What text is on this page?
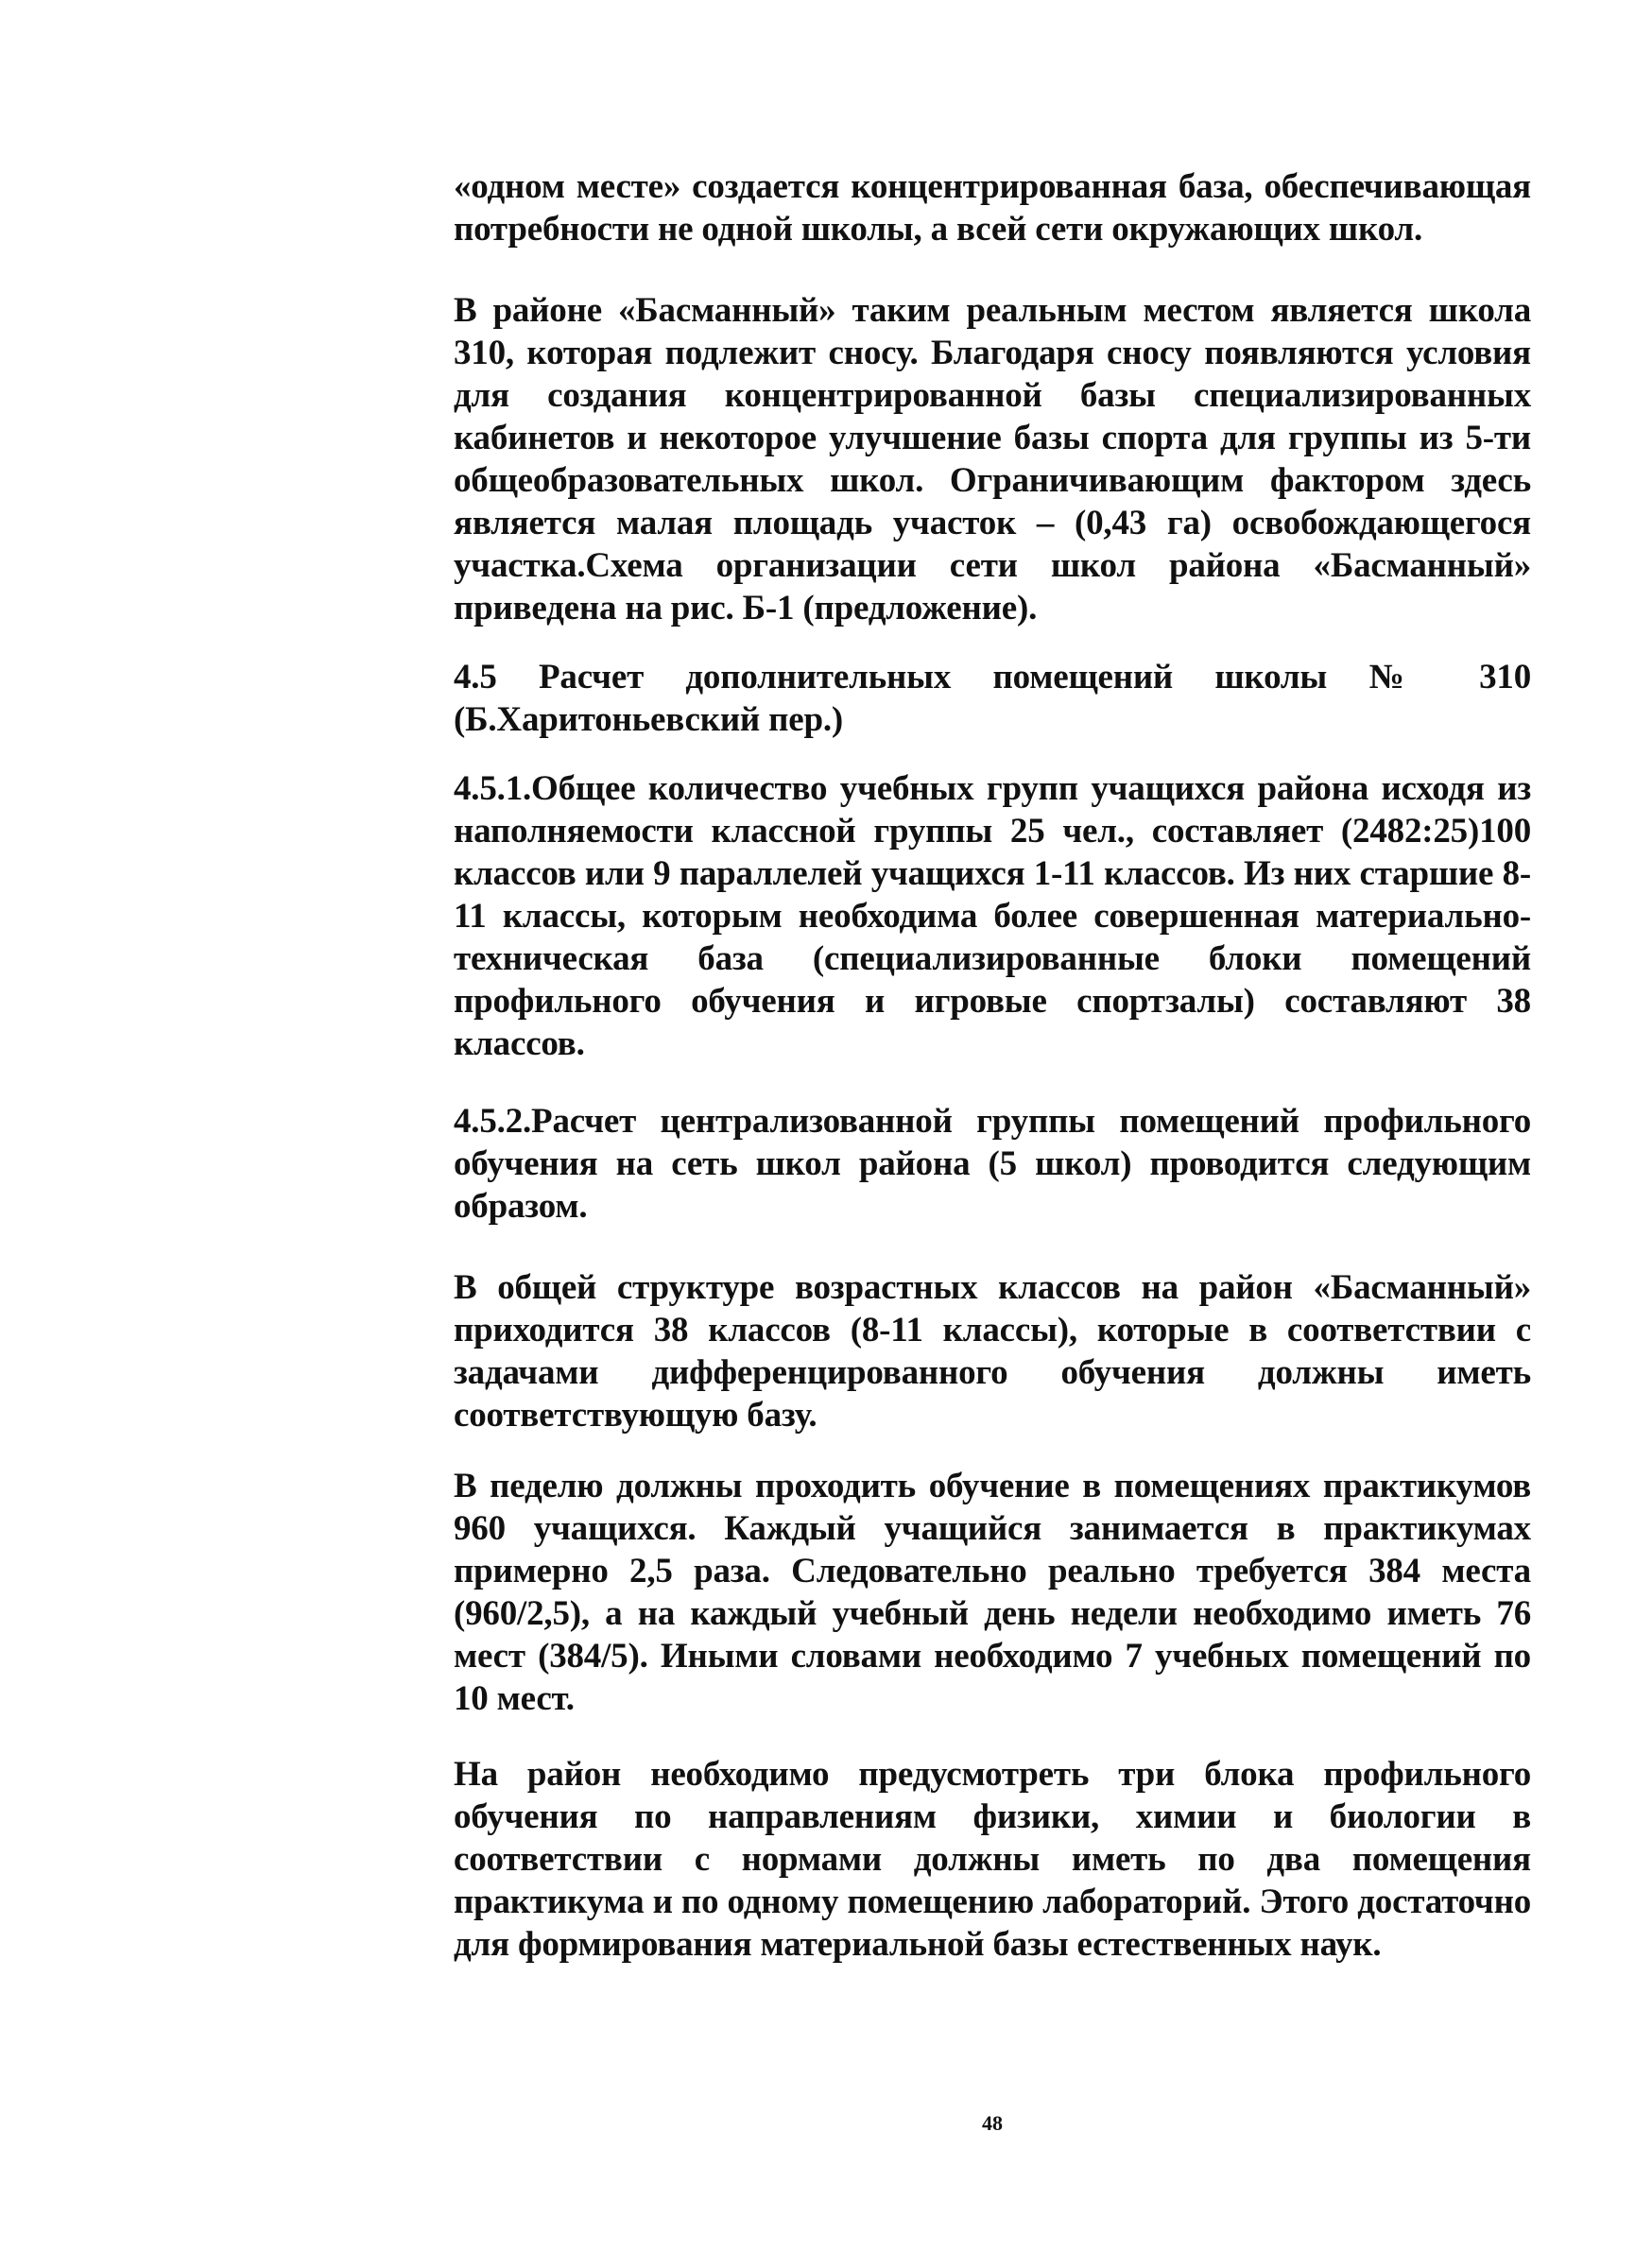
«одном месте» создается концентрированная база, обеспечивающая потребности не одной школы, а всей сети окружающих школ.

В районе «Басманный» таким реальным местом является школа 310, которая подлежит сносу. Благодаря сносу появляются условия для создания концентрированной базы специализированных кабинетов и некоторое улучшение базы спорта для группы из 5-ти общеобразовательных школ. Ограничивающим фактором здесь является малая площадь участок – (0,43 га) освобождающегося участка.Схема организации сети школ района «Басманный» приведена на рис. Б-1 (предложение).

4.5 Расчет дополнительных помещений школы № 310 (Б.Харитоньевский пер.)

4.5.1.Общее количество учебных групп учащихся района исходя из наполняемости классной группы 25 чел., составляет (2482:25)100 классов или 9 параллелей учащихся 1-11 классов. Из них старшие 8-11 классы, которым необходима более совершенная материально-техническая база (специализированные блоки помещений профильного обучения и игровые спортзалы) составляют 38 классов.

4.5.2.Расчет централизованной группы помещений профильного обучения на сеть школ района (5 школ) проводится следующим образом.

В общей структуре возрастных классов на район «Басманный» приходится 38 классов (8-11 классы), которые в соответствии с задачами дифференцированного обучения должны иметь соответствующую базу.

В педелю должны проходить обучение в помещениях практикумов 960 учащихся. Каждый учащийся занимается в практикумах примерно 2,5 раза. Следовательно реально требуется 384 места (960/2,5), а на каждый учебный день недели необходимо иметь 76 мест (384/5). Иными словами необходимо 7 учебных помещений по 10 мест.

На район необходимо предусмотреть три блока профильного обучения по направлениям физики, химии и биологии в соответствии с нормами должны иметь по два помещения практикума и по одному помещению лабораторий. Этого достаточно для формирования материальной базы естественных наук.

48
